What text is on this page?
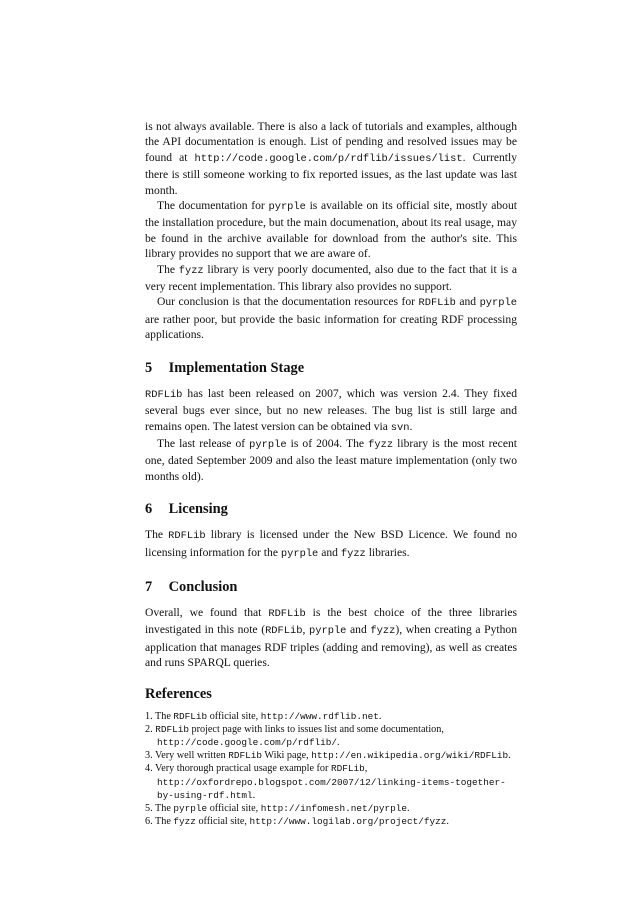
is not always available. There is also a lack of tutorials and examples, although the API documentation is enough. List of pending and resolved issues may be found at http://code.google.com/p/rdflib/issues/list. Currently there is still someone working to fix reported issues, as the last update was last month.

The documentation for pyrple is available on its official site, mostly about the installation procedure, but the main documenation, about its real usage, may be found in the archive available for download from the author's site. This library provides no support that we are aware of.

The fyzz library is very poorly documented, also due to the fact that it is a very recent implementation. This library also provides no support.

Our conclusion is that the documentation resources for RDFLib and pyrple are rather poor, but provide the basic information for creating RDF processing applications.

5 Implementation Stage

RDFLib has last been released on 2007, which was version 2.4. They fixed several bugs ever since, but no new releases. The bug list is still large and remains open. The latest version can be obtained via svn.

The last release of pyrple is of 2004. The fyzz library is the most recent one, dated September 2009 and also the least mature implementation (only two months old).

6 Licensing

The RDFLib library is licensed under the New BSD Licence. We found no licensing information for the pyrple and fyzz libraries.

7 Conclusion

Overall, we found that RDFLib is the best choice of the three libraries investigated in this note (RDFLib, pyrple and fyzz), when creating a Python application that manages RDF triples (adding and removing), as well as creates and runs SPARQL queries.

References
1. The RDFLib official site, http://www.rdflib.net.
2. RDFLib project page with links to issues list and some documentation, http://code.google.com/p/rdflib/.
3. Very well written RDFLib Wiki page, http://en.wikipedia.org/wiki/RDFLib.
4. Very thorough practical usage example for RDFLib, http://oxfordrepo.blogspot.com/2007/12/linking-items-together-by-using-rdf.html.
5. The pyrple official site, http://infomesh.net/pyrple.
6. The fyzz official site, http://www.logilab.org/project/fyzz.
